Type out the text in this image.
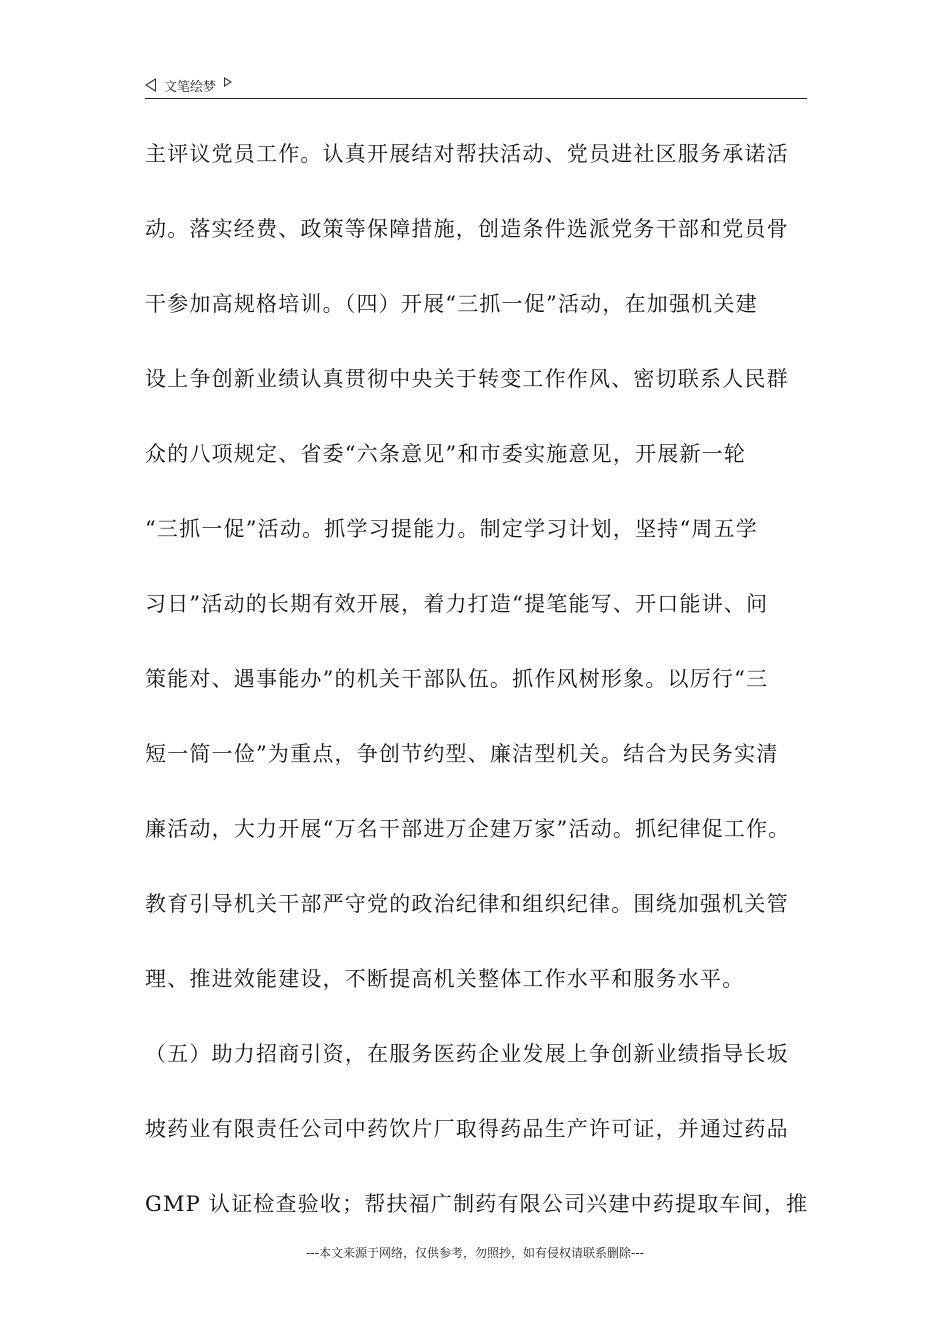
文笔绘梦
主评议党员工作。认真开展结对帮扶活动、党员进社区服务承诺活
动。落实经费、政策等保障措施，创造条件选派党务干部和党员骨
干参加高规格培训。（四）开展“三抓一促”活动，在加强机关建
设上争创新业绩认真贯彻中央关于转变工作作风、密切联系人民群
众的八项规定、省委“六条意见”和市委实施意见，开展新一轮
“三抓一促”活动。抓学习提能力。制定学习计划，坚持“周五学
习日”活动的长期有效开展，着力打造“提笔能写、开口能讲、问
策能对、遇事能办”的机关干部队伍。抓作风树形象。以厉行“三
短一简一俭”为重点，争创节约型、廉洁型机关。结合为民务实清
廉活动，大力开展“万名干部进万企建万家”活动。抓纪律促工作。
教育引导机关干部严守党的政治纪律和组织纪律。围绕加强机关管
理、推进效能建设，不断提高机关整体工作水平和服务水平。
（五）助力招商引资，在服务医药企业发展上争创新业绩指导长坂
坡药业有限责任公司中药饮片厂取得药品生产许可证，并通过药品
GMP 认证检查验收；帮扶福广制药有限公司兴建中药提取车间，推
---本文来源于网络，仅供参考，勿照抄，如有侵权请联系删除---
